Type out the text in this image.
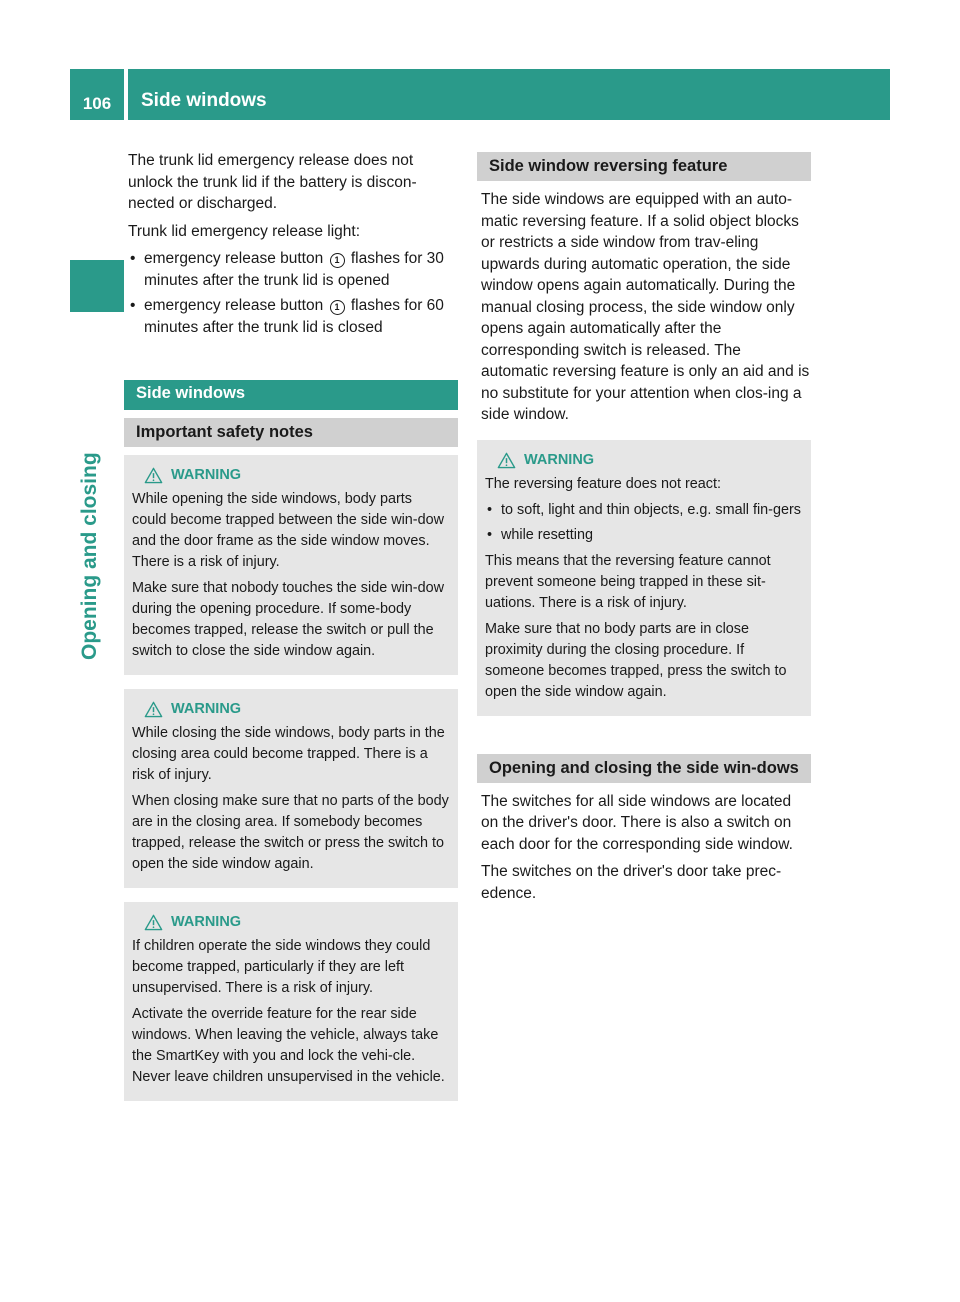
106	Side windows
Opening and closing

The trunk lid emergency release does not unlock the trunk lid if the battery is discon-nected or discharged.

Trunk lid emergency release light:

• emergency release button 1 flashes for 30 minutes after the trunk lid is opened
• emergency release button 1 flashes for 60 minutes after the trunk lid is closed
Side windows
Important safety notes
WARNING

While opening the side windows, body parts could become trapped between the side win-dow and the door frame as the side window moves. There is a risk of injury.

Make sure that nobody touches the side win-dow during the opening procedure. If some-body becomes trapped, release the switch or pull the switch to close the side window again.

WARNING

While closing the side windows, body parts in the closing area could become trapped. There is a risk of injury.

When closing make sure that no parts of the body are in the closing area. If somebody becomes trapped, release the switch or press the switch to open the side window again.

WARNING

If children operate the side windows they could become trapped, particularly if they are left unsupervised. There is a risk of injury.

Activate the override feature for the rear side windows. When leaving the vehicle, always take the SmartKey with you and lock the vehi-cle. Never leave children unsupervised in the vehicle.

Side window reversing feature

The side windows are equipped with an auto-matic reversing feature. If a solid object blocks or restricts a side window from trav-eling upwards during automatic operation, the side window opens again automatically. During the manual closing process, the side window only opens again automatically after the corresponding switch is released. The automatic reversing feature is only an aid and is no substitute for your attention when clos-ing a side window.

WARNING

The reversing feature does not react:

• to soft, light and thin objects, e.g. small fin-gers
• while resetting

This means that the reversing feature cannot prevent someone being trapped in these sit-uations. There is a risk of injury.

Make sure that no body parts are in close proximity during the closing procedure. If someone becomes trapped, press the switch to open the side window again.

Opening and closing the side win-dows

The switches for all side windows are located on the driver's door. There is also a switch on each door for the corresponding side window.

The switches on the driver's door take prec-edence.
